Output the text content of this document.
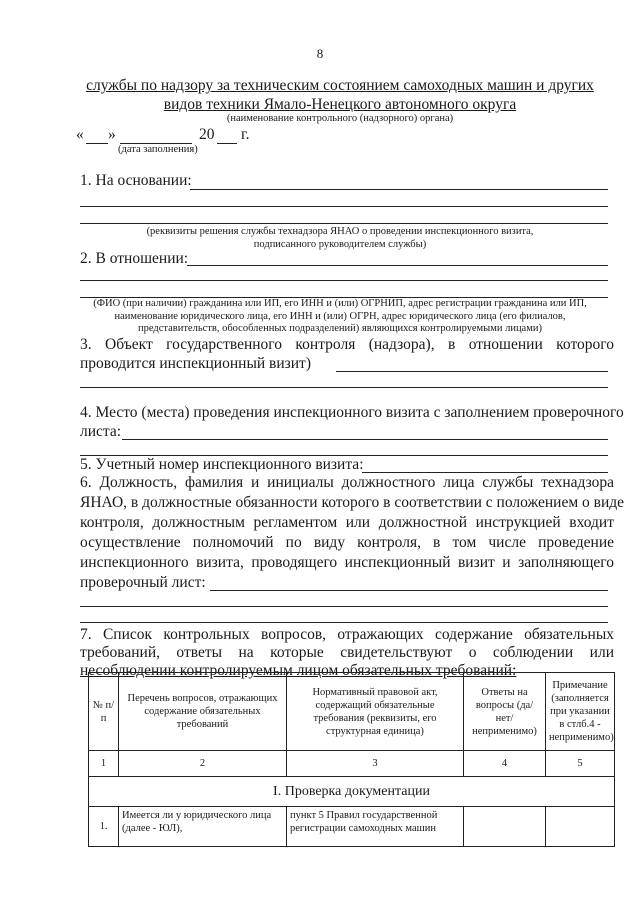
8
службы по надзору за техническим состоянием самоходных машин и других
видов техники Ямало-Ненецкого автономного округа
(наименование контрольного (надзорного) органа)
« »	20 г.
(дата заполнения)
1. На основании:
(реквизиты решения службы технадзора ЯНАО о проведении инспекционного визита,
подписанного руководителем службы)
2. В отношении:
(ФИО (при наличии) гражданина или ИП, его ИНН и (или) ОГРНИП, адрес регистрации гражданина или ИП,
наименование юридического лица, его ИНН и (или) ОГРН, адрес юридического лица (его филиалов,
представительств, обособленных подразделений) являющихся контролируемыми лицами)
3. Объект государственного контроля (надзора), в отношении которого
проводится инспекционный визит)
4. Место (места) проведения инспекционного визита с заполнением проверочного
листа:
5. Учетный номер инспекционного визита:
6. Должность, фамилия и инициалы должностного лица службы технадзора
ЯНАО, в должностные обязанности которого в соответствии с положением о виде
контроля, должностным регламентом или должностной инструкцией входит
осуществление полномочий по виду контроля, в том числе проведение
инспекционного визита, проводящего инспекционный визит и заполняющего
проверочный лист:
7. Список контрольных вопросов, отражающих содержание обязательных
требований, ответы на которые свидетельствуют о соблюдении или
несоблюдении контролируемым лицом обязательных требований:
№ п/п	Перечень вопросов, отражающих содержание обязательных требований	Нормативный правовой акт, содержащий обязательные требования (реквизиты, его структурная единица)	Ответы на вопросы (да/нет/ неприменимо)	Примечание (заполняется при указании в стлб.4 - неприменимо)
1	2	3	4	5
I. Проверка документации				
1.	Имеется ли у юридического лица (далее - ЮЛ),	пункт 5 Правил государственной регистрации самоходных машин		
